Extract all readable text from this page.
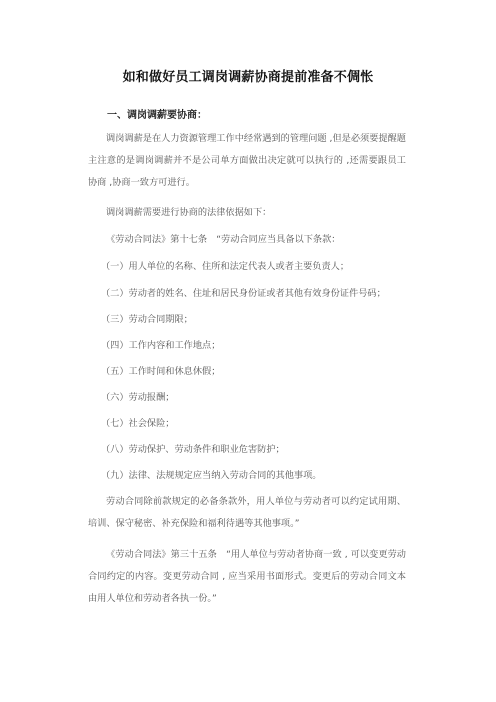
如和做好员工调岗调薪协商提前准备不倜怅
一、调岗调薪要协商：
调岗调薪是在人力资源管理工作中经常遇到的管理问题 ,但是必须要提醒题主注意的是调岗调薪并不是公司单方面做出决定就可以执行的 ,还需要跟员工协商 ,协商一致方可进行。
调岗调薪需要进行协商的法律依据如下：
《劳动合同法》第十七条　“劳动合同应当具备以下条款：
（一）用人单位的名称、住所和法定代表人或者主要负责人；
（二）劳动者的姓名、住址和居民身份证或者其他有效身份证件号码；
（三）劳动合同期限；
（四）工作内容和工作地点；
（五）工作时间和休息休假；
（六）劳动报酬；
（七）社会保险；
（八）劳动保护、劳动条件和职业危害防护；
（九）法律、法规规定应当纳入劳动合同的其他事项。
劳动合同除前款规定的必备条款外，用人单位与劳动者可以约定试用期、培训、保守秘密、补充保险和福利待遇等其他事项。”
《劳动合同法》第三十五条　“用人单位与劳动者协商一致 , 可以变更劳动合同约定的内容。变更劳动合同 , 应当采用书面形式。变更后的劳动合同文本由用人单位和劳动者各执一份。”
